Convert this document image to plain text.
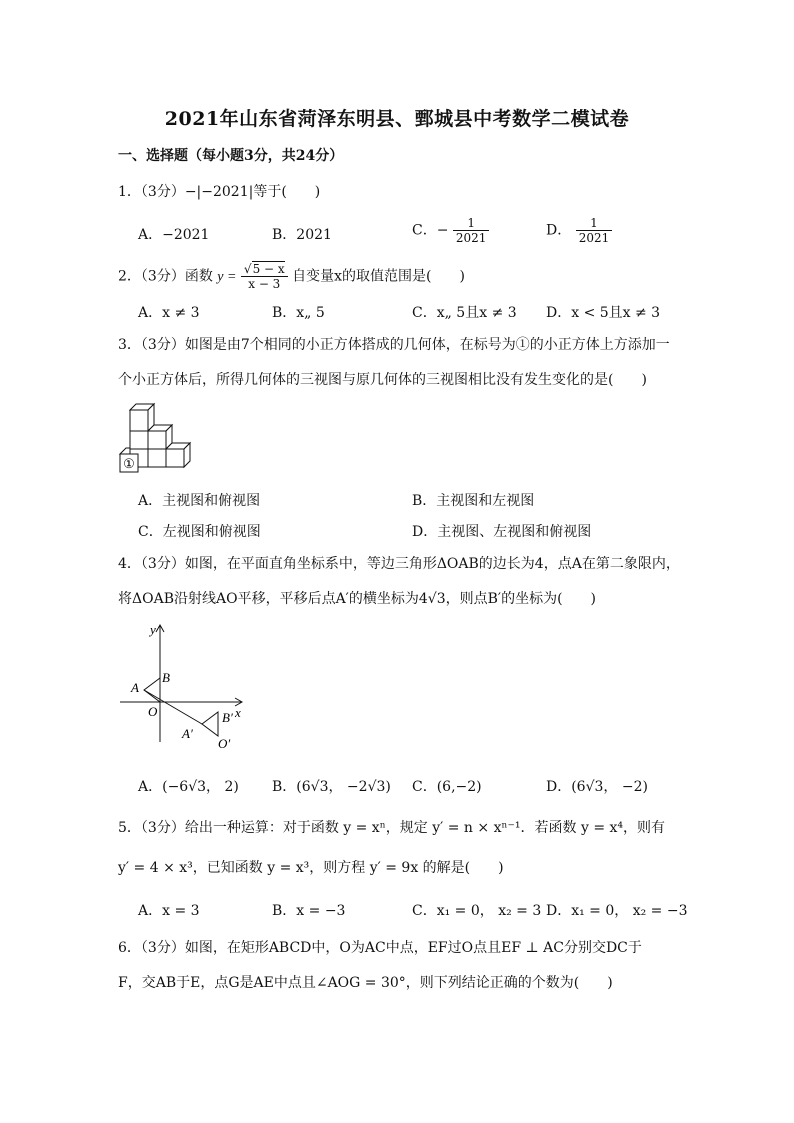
2021年山东省菏泽东明县、鄄城县中考数学二模试卷
一、选择题（每小题3分，共24分）
1．（3分）−|−2021|等于(　　)
A．−2021	B．2021	C．− $\frac{1}{2021}$	D． $\frac{1}{2021}$
2．（3分）函数 $y = \frac{√5 - x}{x - 3}$ 自变量x的取值范围是(　　)
A．x ≠ 3	B．x„ 5	C．x„ 5且x ≠ 3 D．x < 5且x ≠ 3
3．（3分）如图是由7个相同的小正方体搭成的几何体，在标号为①的小正方体上方添加一
个小正方体后，所得几何体的三视图与原几何体的三视图相比没有发生变化的是(　　)
①
A．主视图和俯视图	B．主视图和左视图
C．左视图和俯视图	D．主视图、左视图和俯视图
4．（3分）如图，在平面直角坐标系中，等边三角形ΔOAB的边长为4，点A在第二象限内，
将ΔOAB沿射线AO平移，平移后点A′的横坐标为4√3，则点B′的坐标为(　　)
y
x
A
B
O
A′
B′
O′
A．(−6√3， 2) B．(6√3， −2√3) C．(6,−2)	D．(6√3， −2)
5．（3分）给出一种运算：对于函数 y = xⁿ，规定 y′ = n × xⁿ⁻¹．若函数 y = x⁴，则有
y′ = 4 × x³，已知函数 y = x³，则方程 y′ = 9x 的解是(　　)
A．x = 3	B．x = −3	C．x₁ = 0， x₂ = 3 D．x₁ = 0， x₂ = −3
6．（3分）如图，在矩形ABCD中，O为AC中点，EF过O点且EF ⊥ AC分别交DC于
F，交AB于E，点G是AE中点且∠AOG = 30°，则下列结论正确的个数为(　　)
